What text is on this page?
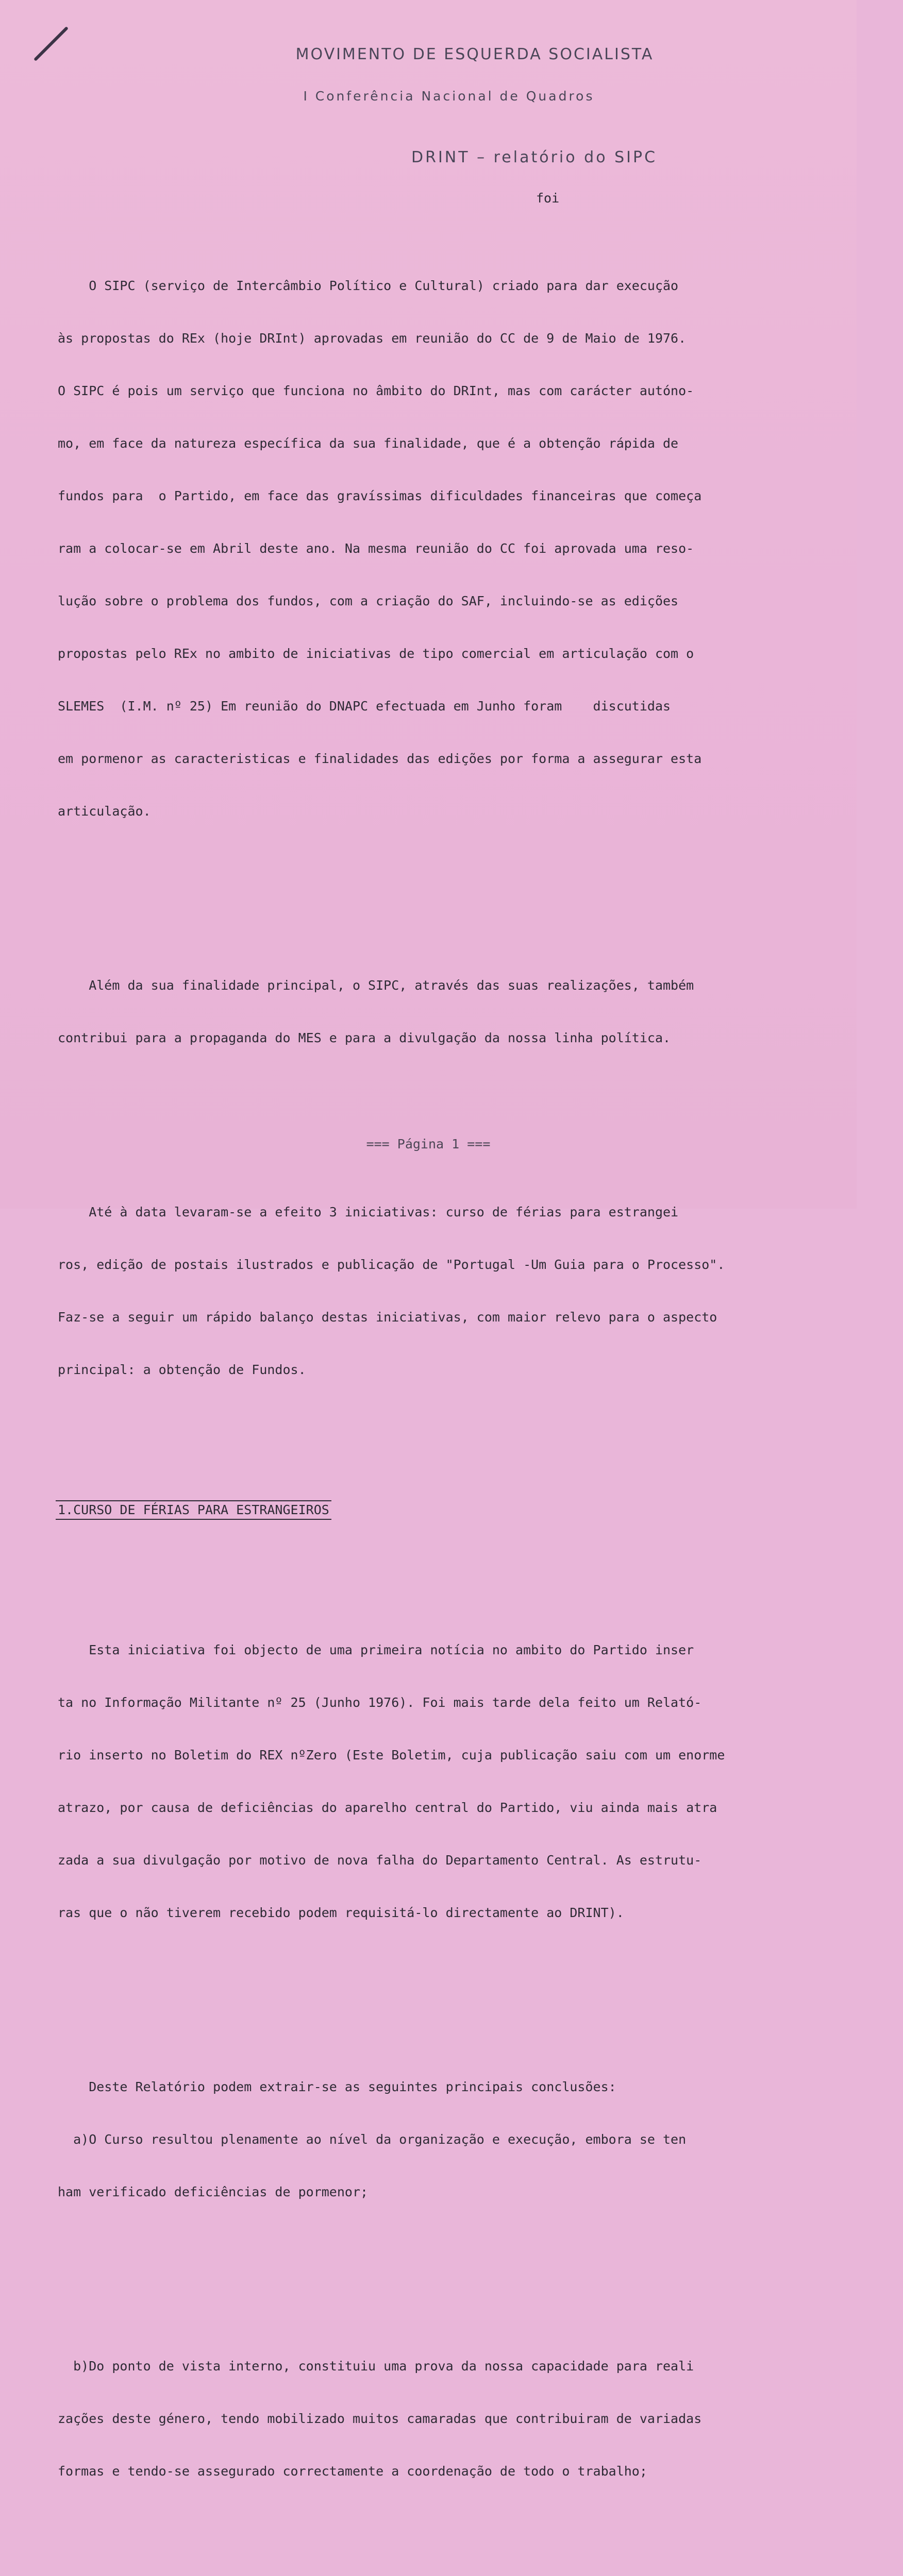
MOVIMENTO DE ESQUERDA SOCIALISTA
I Conferência Nacional de Quadros
DRINT – relatório do SIPC
foi

O SIPC (serviço de Intercâmbio Político e Cultural) criado para dar execução

às propostas do REx (hoje DRInt) aprovadas em reunião do CC de 9 de Maio de 1976.

O SIPC é pois um serviço que funciona no âmbito do DRInt, mas com carácter autóno-

mo, em face da natureza específica da sua finalidade, que é a obtenção rápida de

fundos para  o Partido, em face das gravíssimas dificuldades financeiras que começa

ram a colocar-se em Abril deste ano. Na mesma reunião do CC foi aprovada uma reso-

lução sobre o problema dos fundos, com a criação do SAF, incluindo-se as edições

propostas pelo REx no ambito de iniciativas de tipo comercial em articulação com o

SLEMES  (I.M. nº 25) Em reunião do DNAPC efectuada em Junho foram    discutidas

em pormenor as caracteristicas e finalidades das edições por forma a assegurar esta

articulação.

Além da sua finalidade principal, o SIPC, através das suas realizações, também

contribui para a propaganda do MES e para a divulgação da nossa linha política.

Até à data levaram-se a efeito 3 iniciativas: curso de férias para estrangei

ros, edição de postais ilustrados e publicação de "Portugal -Um Guia para o Processo".

Faz-se a seguir um rápido balanço destas iniciativas, com maior relevo para o aspecto

principal: a obtenção de Fundos.

1.CURSO DE FÉRIAS PARA ESTRANGEIROS

Esta iniciativa foi objecto de uma primeira notícia no ambito do Partido inser

ta no Informação Militante nº 25 (Junho 1976). Foi mais tarde dela feito um Relató-

rio inserto no Boletim do REX nºZero (Este Boletim, cuja publicação saiu com um enorme

atrazo, por causa de deficiências do aparelho central do Partido, viu ainda mais atra

zada a sua divulgação por motivo de nova falha do Departamento Central. As estrutu-

ras que o não tiverem recebido podem requisitá-lo directamente ao DRINT).

Deste Relatório podem extrair-se as seguintes principais conclusões:

a)O Curso resultou plenamente ao nível da organização e execução, embora se ten

ham verificado deficiências de pormenor;

b)Do ponto de vista interno, constituiu uma prova da nossa capacidade para reali

zações deste género, tendo mobilizado muitos camaradas que contribuiram de variadas

formas e tendo-se assegurado correctamente a coordenação de todo o trabalho;

=== Página 1 ===
